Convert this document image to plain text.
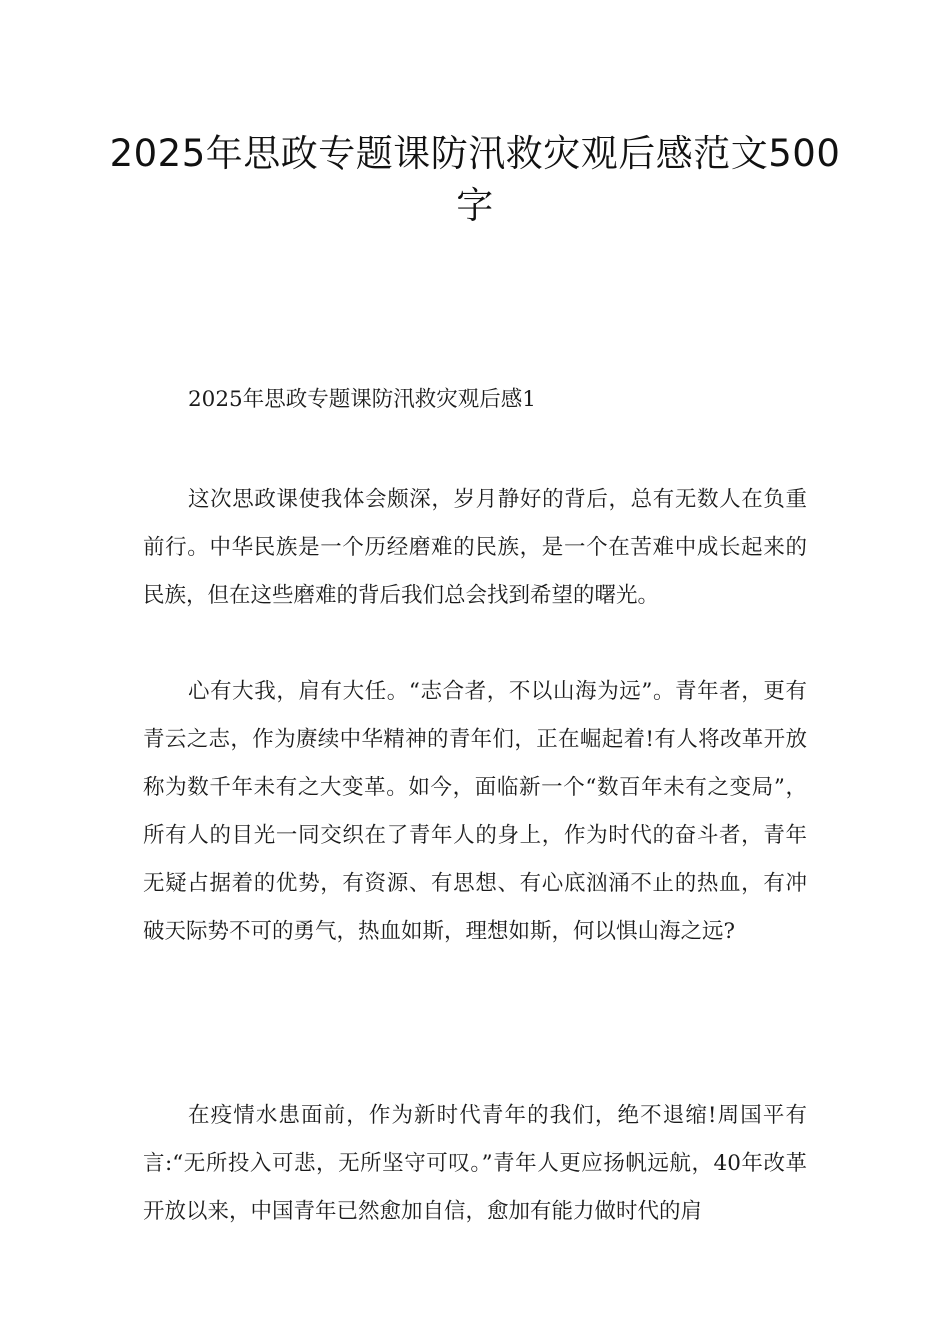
2025年思政专题课防汛救灾观后感范文500字

2025年思政专题课防汛救灾观后感1

这次思政课使我体会颇深，岁月静好的背后，总有无数人在负重前行。中华民族是一个历经磨难的民族，是一个在苦难中成长起来的民族，但在这些磨难的背后我们总会找到希望的曙光。

心有大我，肩有大任。“志合者，不以山海为远”。青年者，更有青云之志，作为赓续中华精神的青年们，正在崛起着!有人将改革开放称为数千年未有之大变革。如今，面临新一个“数百年未有之变局”，所有人的目光一同交织在了青年人的身上，作为时代的奋斗者，青年无疑占据着的优势，有资源、有思想、有心底汹涌不止的热血，有冲破天际势不可的勇气，热血如斯，理想如斯，何以惧山海之远?

在疫情水患面前，作为新时代青年的我们，绝不退缩!周国平有言:“无所投入可悲，无所坚守可叹。”青年人更应扬帆远航，40年改革开放以来，中国青年已然愈加自信，愈加有能力做时代的肩
